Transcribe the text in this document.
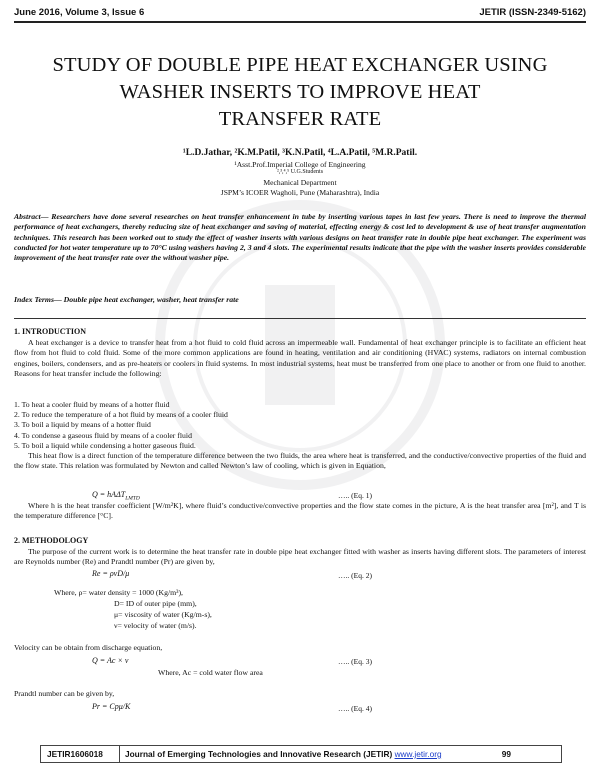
June 2016, Volume 3, Issue 6	JETIR (ISSN-2349-5162)
STUDY OF DOUBLE PIPE HEAT EXCHANGER USING
WASHER INSERTS TO IMPROVE HEAT
TRANSFER RATE
¹L.D.Jathar, ²K.M.Patil, ³K.N.Patil, ⁴L.A.Patil, ⁵M.R.Patil.
¹Asst.Prof.Imperial College of Engineering
²,³,⁴,⁵ U.G.Students
Mechanical Department
JSPM’s ICOER Wagholi, Pune (Maharashtra), India
Abstract— Researchers have done several researches on heat transfer enhancement in tube by inserting various tapes in last few years. There is need to improve the thermal performance of heat exchangers, thereby reducing size of heat exchanger and saving of material, effecting energy & cost led to development & use of heat transfer augmentation techniques. This research has been worked out to study the effect of washer inserts with various designs on heat transfer rate in double pipe heat exchanger. The experiment was conducted for hot water temperature up to 70°C using washers having 2, 3 and 4 slots. The experimental results indicate that the pipe with the washer inserts provides considerable improvement of the heat transfer rate over the without washer pipe.
Index Terms— Double pipe heat exchanger, washer, heat transfer rate
1. INTRODUCTION
A heat exchanger is a device to transfer heat from a hot fluid to cold fluid across an impermeable wall. Fundamental of heat exchanger principle is to facilitate an efficient heat flow from hot fluid to cold fluid. Some of the more common applications are found in heating, ventilation and air conditioning (HVAC) systems, radiators on internal combustion engines, boilers, condensers, and as pre-heaters or coolers in fluid systems. In most industrial systems, heat must be transferred from one place to another or from one fluid to another. Reasons for heat transfer include the following:
1. To heat a cooler fluid by means of a hotter fluid
2. To reduce the temperature of a hot fluid by means of a cooler fluid
3. To boil a liquid by means of a hotter fluid
4. To condense a gaseous fluid by means of a cooler fluid
5. To boil a liquid while condensing a hotter gaseous fluid.
This heat flow is a direct function of the temperature difference between the two fluids, the area where heat is transferred, and the conductive/convective properties of the fluid and the flow state. This relation was formulated by Newton and called Newton’s law of cooling, which is given in Equation,
Q = hAΔT$_{LMTD}$	….. (Eq. 1)
Where h is the heat transfer coefficient [W/m²K], where fluid’s conductive/convective properties and the flow state comes in the picture, A is the heat transfer area [m²], and T is the temperature difference [°C].
2. METHODOLOGY
The purpose of the current work is to determine the heat transfer rate in double pipe heat exchanger fitted with washer as inserts having different slots. The parameters of interest are Reynolds number (Re) and Prandtl number (Pr) are given by,
Re = ρvD/μ	….. (Eq. 2)
Where, ρ= water density = 1000 (Kg/m³),
D= ID of outer pipe (mm),
μ= viscosity of water (Kg/m-s),
ν= velocity of water (m/s).
Velocity can be obtain from discharge equation,
Q = Ac × v	….. (Eq. 3)
Where, Ac = cold water flow area
Prandtl number can be given by,
Pr = Cpμ/K	….. (Eq. 4)
JETIR1606018	Journal of Emerging Technologies and Innovative Research (JETIR) www.jetir.org	99
